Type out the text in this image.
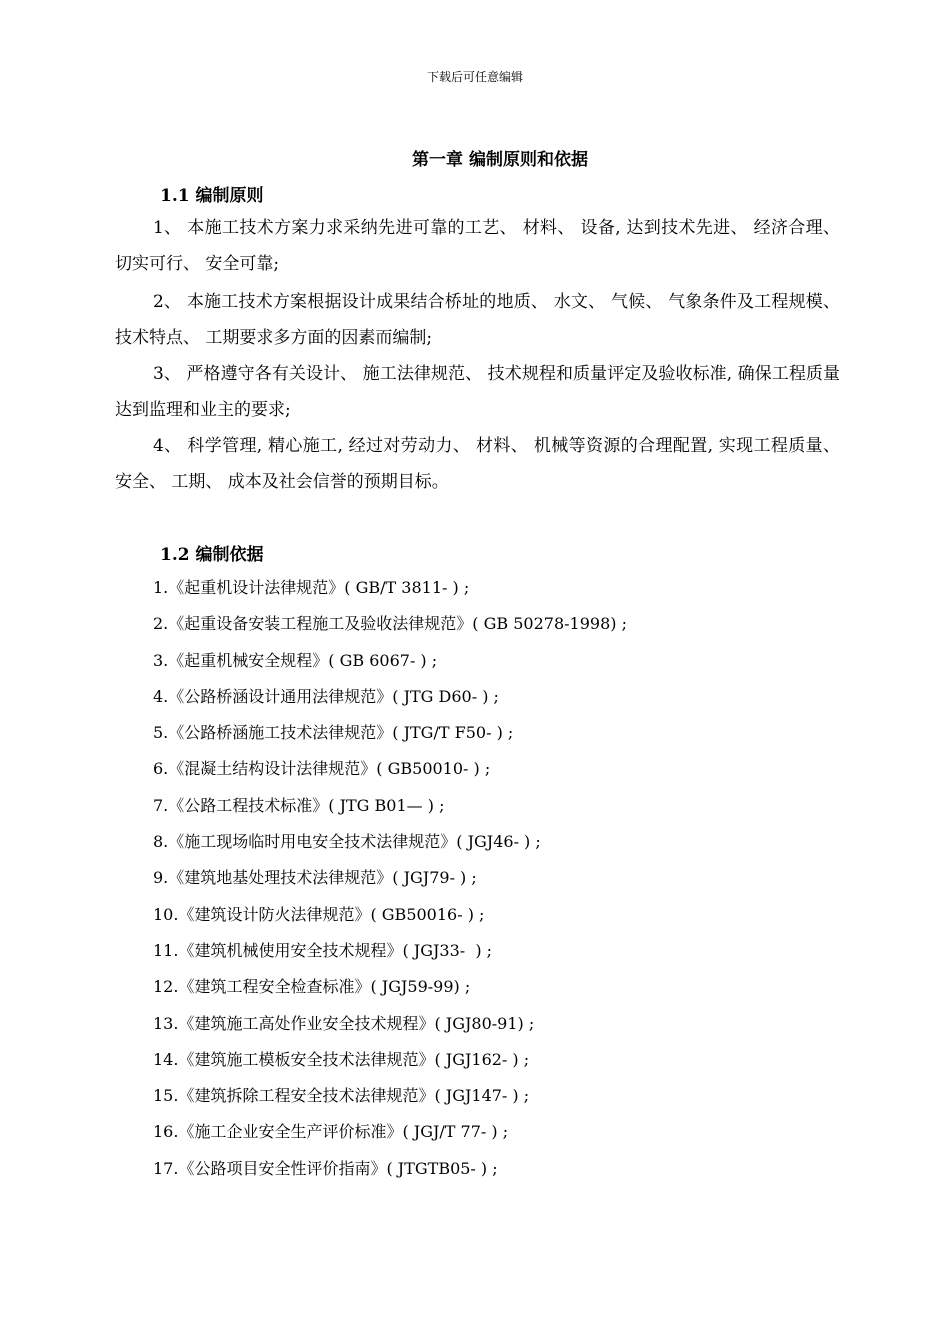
下载后可任意编辑
第一章 编制原则和依据
1.1 编制原则

1、 本施工技术方案力求采纳先进可靠的工艺、 材料、 设备, 达到技术先进、 经济合理、 切实可行、 安全可靠;

2、 本施工技术方案根据设计成果结合桥址的地质、 水文、 气候、 气象条件及工程规模、 技术特点、 工期要求多方面的因素而编制;

3、 严格遵守各有关设计、 施工法律规范、 技术规程和质量评定及验收标准, 确保工程质量达到监理和业主的要求;

4、 科学管理, 精心施工, 经过对劳动力、 材料、 机械等资源的合理配置, 实现工程质量、 安全、 工期、 成本及社会信誉的预期目标。

1.2 编制依据
1.《起重机设计法律规范》( GB/T 3811- ) ;
2.《起重设备安装工程施工及验收法律规范》( GB 50278-1998) ;
3.《起重机械安全规程》( GB 6067- ) ;
4.《公路桥涵设计通用法律规范》( JTG D60- ) ;
5.《公路桥涵施工技术法律规范》( JTG/T F50- ) ;
6.《混凝土结构设计法律规范》( GB50010- ) ;
7.《公路工程技术标准》( JTG B01— ) ;
8.《施工现场临时用电安全技术法律规范》( JGJ46- ) ;
9.《建筑地基处理技术法律规范》( JGJ79- ) ;
10.《建筑设计防火法律规范》( GB50016- ) ;
11.《建筑机械使用安全技术规程》( JGJ33-  ) ;
12.《建筑工程安全检查标准》( JGJ59-99) ;
13.《建筑施工高处作业安全技术规程》( JGJ80-91) ;
14.《建筑施工模板安全技术法律规范》( JGJ162- ) ;
15.《建筑拆除工程安全技术法律规范》( JGJ147- ) ;
16.《施工企业安全生产评价标准》( JGJ/T 77- ) ;
17.《公路项目安全性评价指南》( JTGTB05- ) ;
